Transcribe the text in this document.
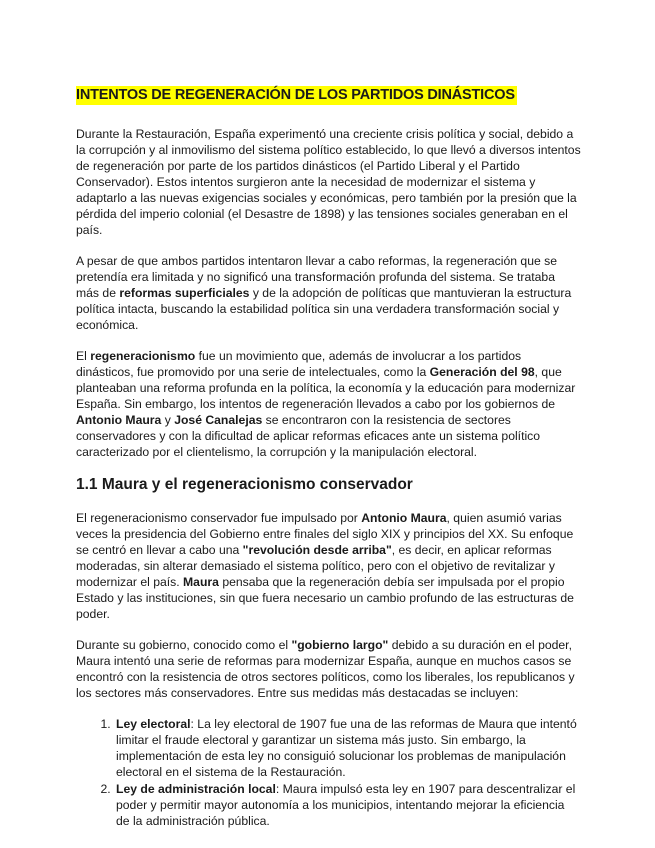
INTENTOS DE REGENERACIÓN DE LOS PARTIDOS DINÁSTICOS

Durante la Restauración, España experimentó una creciente crisis política y social, debido a la corrupción y al inmovilismo del sistema político establecido, lo que llevó a diversos intentos de regeneración por parte de los partidos dinásticos (el Partido Liberal y el Partido Conservador). Estos intentos surgieron ante la necesidad de modernizar el sistema y adaptarlo a las nuevas exigencias sociales y económicas, pero también por la presión que la pérdida del imperio colonial (el Desastre de 1898) y las tensiones sociales generaban en el país.

A pesar de que ambos partidos intentaron llevar a cabo reformas, la regeneración que se pretendía era limitada y no significó una transformación profunda del sistema. Se trataba más de reformas superficiales y de la adopción de políticas que mantuvieran la estructura política intacta, buscando la estabilidad política sin una verdadera transformación social y económica.

El regeneracionismo fue un movimiento que, además de involucrar a los partidos dinásticos, fue promovido por una serie de intelectuales, como la Generación del 98, que planteaban una reforma profunda en la política, la economía y la educación para modernizar España. Sin embargo, los intentos de regeneración llevados a cabo por los gobiernos de Antonio Maura y José Canalejas se encontraron con la resistencia de sectores conservadores y con la dificultad de aplicar reformas eficaces ante un sistema político caracterizado por el clientelismo, la corrupción y la manipulación electoral.

1.1 Maura y el regeneracionismo conservador

El regeneracionismo conservador fue impulsado por Antonio Maura, quien asumió varias veces la presidencia del Gobierno entre finales del siglo XIX y principios del XX. Su enfoque se centró en llevar a cabo una "revolución desde arriba", es decir, en aplicar reformas moderadas, sin alterar demasiado el sistema político, pero con el objetivo de revitalizar y modernizar el país. Maura pensaba que la regeneración debía ser impulsada por el propio Estado y las instituciones, sin que fuera necesario un cambio profundo de las estructuras de poder.

Durante su gobierno, conocido como el "gobierno largo" debido a su duración en el poder, Maura intentó una serie de reformas para modernizar España, aunque en muchos casos se encontró con la resistencia de otros sectores políticos, como los liberales, los republicanos y los sectores más conservadores. Entre sus medidas más destacadas se incluyen:

1. Ley electoral: La ley electoral de 1907 fue una de las reformas de Maura que intentó limitar el fraude electoral y garantizar un sistema más justo. Sin embargo, la implementación de esta ley no consiguió solucionar los problemas de manipulación electoral en el sistema de la Restauración.
2. Ley de administración local: Maura impulsó esta ley en 1907 para descentralizar el poder y permitir mayor autonomía a los municipios, intentando mejorar la eficiencia de la administración pública.
